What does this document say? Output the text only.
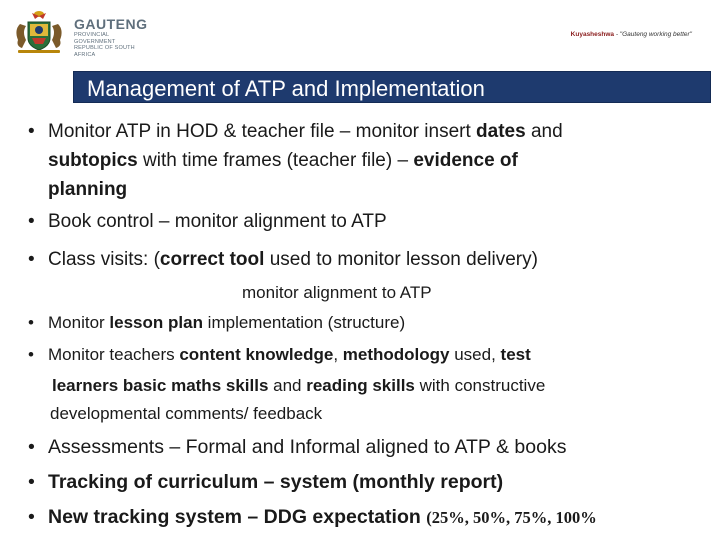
GAUTENG
PROVINCIAL GOVERNMENT
REPUBLIC OF SOUTH AFRICA
Kuyasheshwa - "Gauteng working better"
Management of ATP and Implementation
• Monitor ATP in HOD & teacher file – monitor insert dates and
subtopics with time frames (teacher file) – evidence of
planning
• Book control – monitor alignment to ATP
• Class visits: (correct tool used to monitor lesson delivery)
monitor alignment to ATP
• Monitor lesson plan implementation (structure)
• Monitor teachers content knowledge, methodology used, test
learners basic maths skills and reading skills with constructive
developmental comments/ feedback
• Assessments – Formal and Informal aligned to ATP & books
• Tracking of curriculum – system (monthly report)
• New tracking system – DDG expectation (25%, 50%, 75%, 100%
